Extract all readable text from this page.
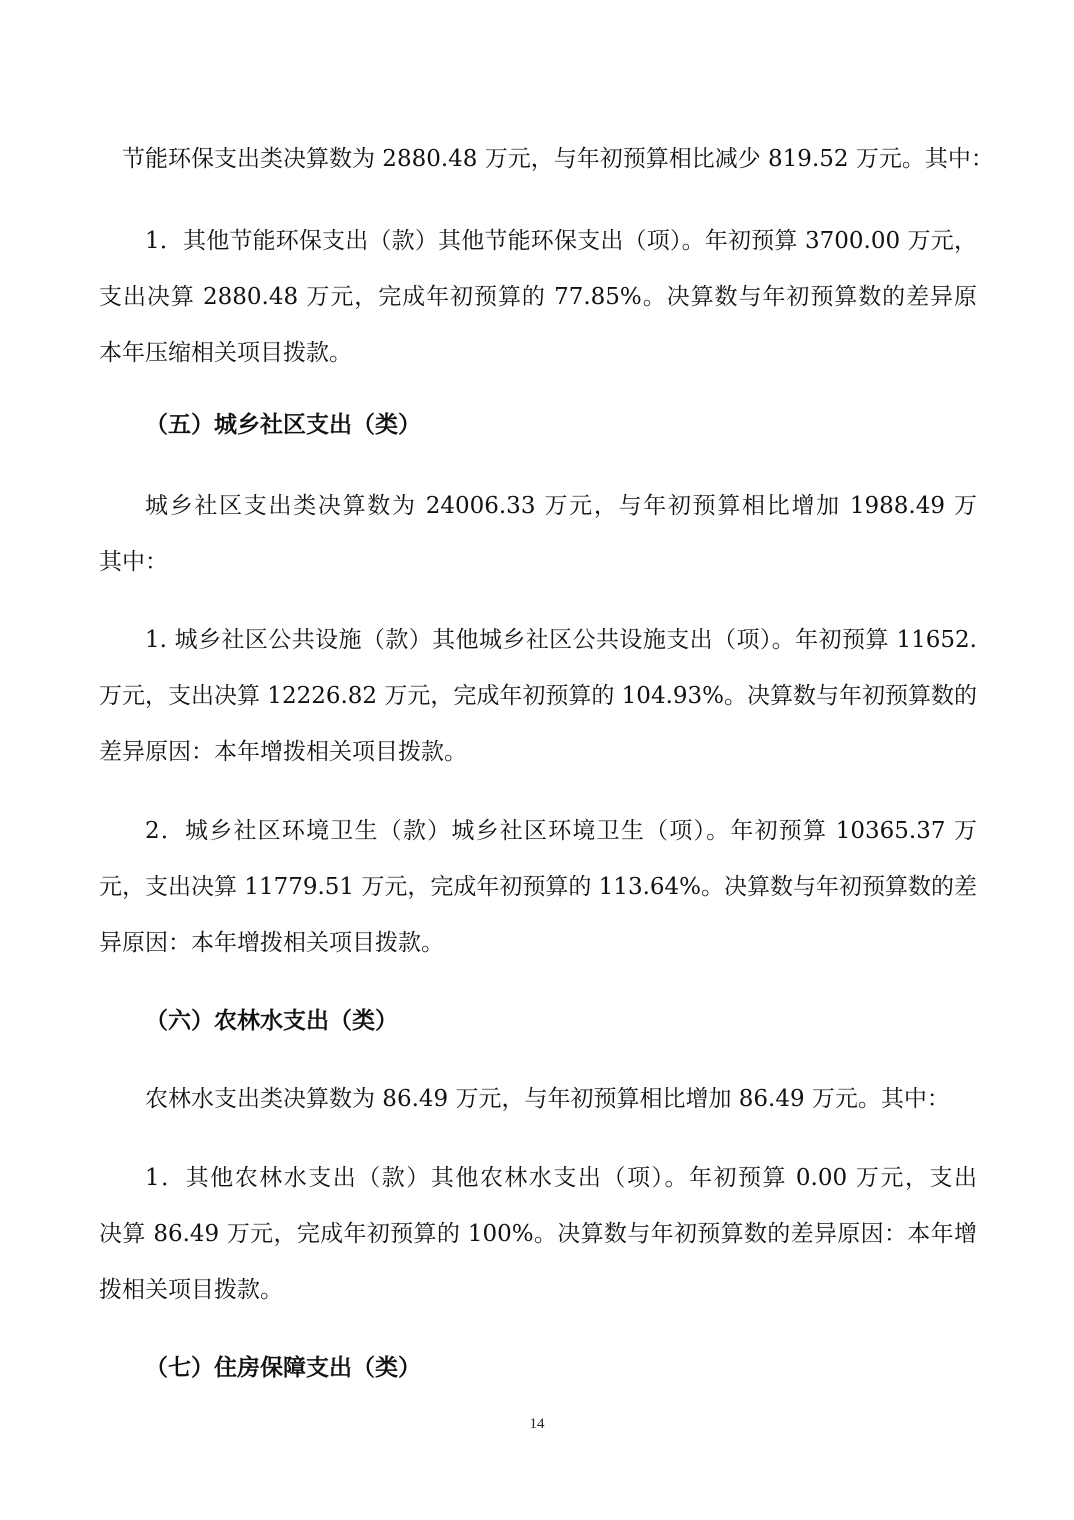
节能环保支出类决算数为 2880.48 万元，与年初预算相比减少 819.52 万元。其中：
1．其他节能环保支出（款）其他节能环保支出（项）。年初预算 3700.00 万元，
支出决算 2880.48 万元，完成年初预算的 77.85%。决算数与年初预算数的差异原
本年压缩相关项目拨款。
（五）城乡社区支出（类）
城乡社区支出类决算数为 24006.33 万元，与年初预算相比增加 1988.49 万
其中：
1. 城乡社区公共设施（款）其他城乡社区公共设施支出（项）。年初预算 11652.
万元，支出决算 12226.82 万元，完成年初预算的 104.93%。决算数与年初预算数的
差异原因：本年增拨相关项目拨款。
2．城乡社区环境卫生（款）城乡社区环境卫生（项）。年初预算 10365.37 万
元，支出决算 11779.51 万元，完成年初预算的 113.64%。决算数与年初预算数的差
异原因：本年增拨相关项目拨款。
（六）农林水支出（类）
农林水支出类决算数为 86.49 万元，与年初预算相比增加 86.49 万元。其中：
1．其他农林水支出（款）其他农林水支出（项）。年初预算 0.00 万元，支出
决算 86.49 万元，完成年初预算的 100%。决算数与年初预算数的差异原因：本年增
拨相关项目拨款。
（七）住房保障支出（类）
14
